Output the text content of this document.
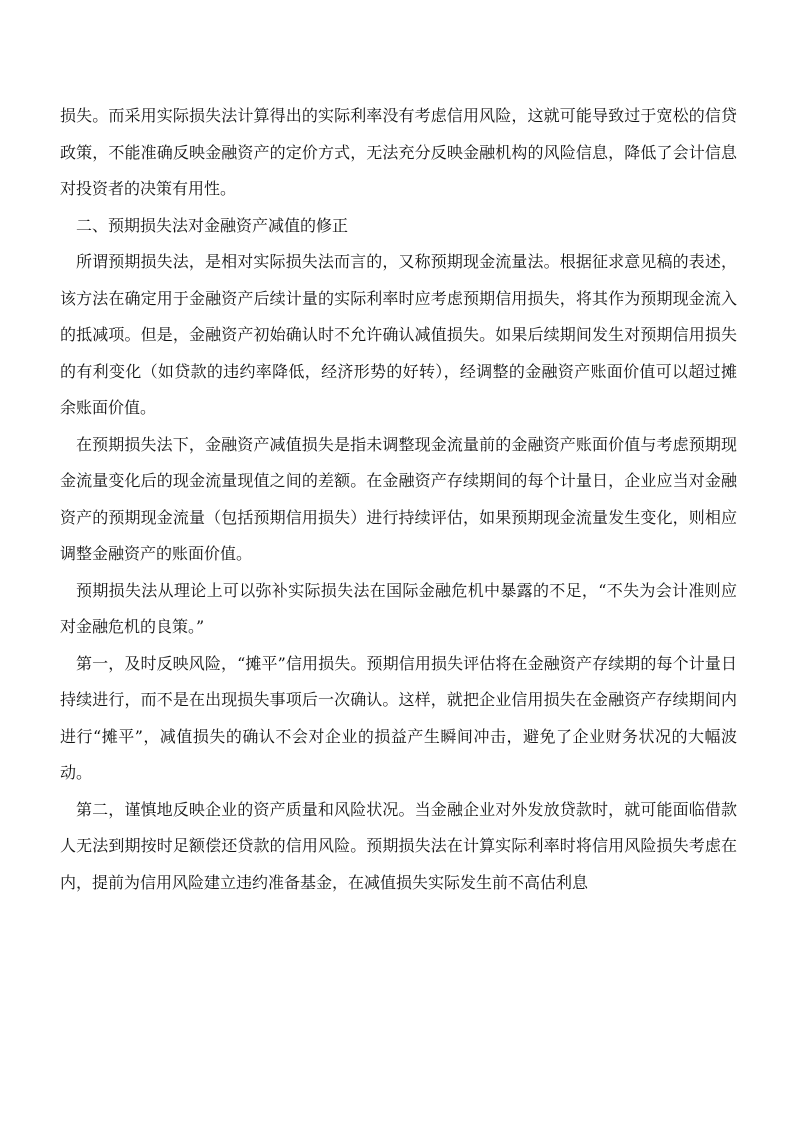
损失。而采用实际损失法计算得出的实际利率没有考虑信用风险，这就可能导致过于宽松的信贷政策，不能准确反映金融资产的定价方式，无法充分反映金融机构的风险信息，降低了会计信息对投资者的决策有用性。

二、预期损失法对金融资产减值的修正

所谓预期损失法，是相对实际损失法而言的，又称预期现金流量法。根据征求意见稿的表述，该方法在确定用于金融资产后续计量的实际利率时应考虑预期信用损失，将其作为预期现金流入的抵减项。但是，金融资产初始确认时不允许确认减值损失。如果后续期间发生对预期信用损失的有利变化（如贷款的违约率降低，经济形势的好转），经调整的金融资产账面价值可以超过摊余账面价值。

在预期损失法下，金融资产减值损失是指未调整现金流量前的金融资产账面价值与考虑预期现金流量变化后的现金流量现值之间的差额。在金融资产存续期间的每个计量日，企业应当对金融资产的预期现金流量（包括预期信用损失）进行持续评估，如果预期现金流量发生变化，则相应调整金融资产的账面价值。

预期损失法从理论上可以弥补实际损失法在国际金融危机中暴露的不足，“不失为会计准则应对金融危机的良策。”

第一，及时反映风险，“摊平”信用损失。预期信用损失评估将在金融资产存续期的每个计量日持续进行，而不是在出现损失事项后一次确认。这样，就把企业信用损失在金融资产存续期间内进行“摊平”，减值损失的确认不会对企业的损益产生瞬间冲击，避免了企业财务状况的大幅波动。

第二，谨慎地反映企业的资产质量和风险状况。当金融企业对外发放贷款时，就可能面临借款人无法到期按时足额偿还贷款的信用风险。预期损失法在计算实际利率时将信用风险损失考虑在内，提前为信用风险建立违约准备基金，在减值损失实际发生前不高估利息
